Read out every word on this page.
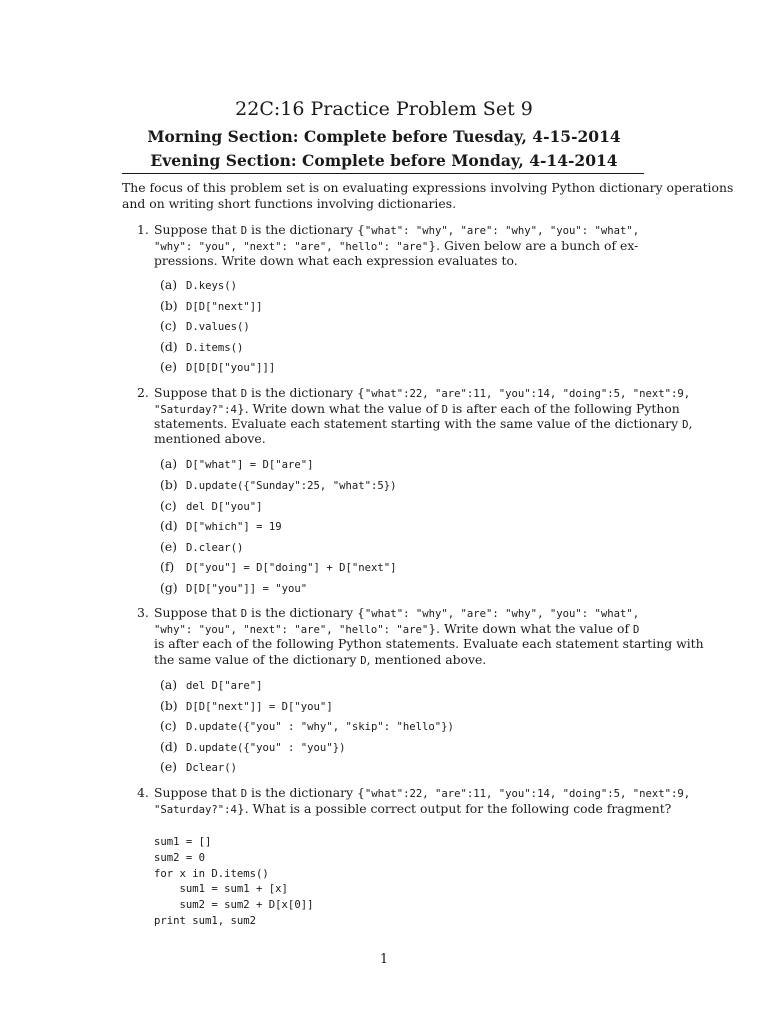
22C:16 Practice Problem Set 9
Morning Section: Complete before Tuesday, 4-15-2014
Evening Section: Complete before Monday, 4-14-2014
The focus of this problem set is on evaluating expressions involving Python dictionary operations
and on writing short functions involving dictionaries.
1. Suppose that D is the dictionary {"what": "why", "are": "why", "you": "what",
"why": "you", "next": "are", "hello": "are"}. Given below are a bunch of ex-
pressions. Write down what each expression evaluates to.
(a) D.keys()
(b) D[D["next"]]
(c) D.values()
(d) D.items()
(e) D[D[D["you"]]]
2. Suppose that D is the dictionary {"what":22, "are":11, "you":14, "doing":5, "next":9,
"Saturday?":4}. Write down what the value of D is after each of the following Python
statements. Evaluate each statement starting with the same value of the dictionary D,
mentioned above.
(a) D["what"] = D["are"]
(b) D.update({"Sunday":25, "what":5})
(c) del D["you"]
(d) D["which"] = 19
(e) D.clear()
(f) D["you"] = D["doing"] + D["next"]
(g) D[D["you"]] = "you"
3. Suppose that D is the dictionary {"what": "why", "are": "why", "you": "what",
"why": "you", "next": "are", "hello": "are"}. Write down what the value of D
is after each of the following Python statements. Evaluate each statement starting with
the same value of the dictionary D, mentioned above.
(a) del D["are"]
(b) D[D["next"]] = D["you"]
(c) D.update({"you" : "why", "skip": "hello"})
(d) D.update({"you" : "you"})
(e) Dclear()
4. Suppose that D is the dictionary {"what":22, "are":11, "you":14, "doing":5, "next":9,
"Saturday?":4}. What is a possible correct output for the following code fragment?
sum1 = []
sum2 = 0
for x in D.items()
sum1 = sum1 + [x]
sum2 = sum2 + D[x[0]]
print sum1, sum2
1
